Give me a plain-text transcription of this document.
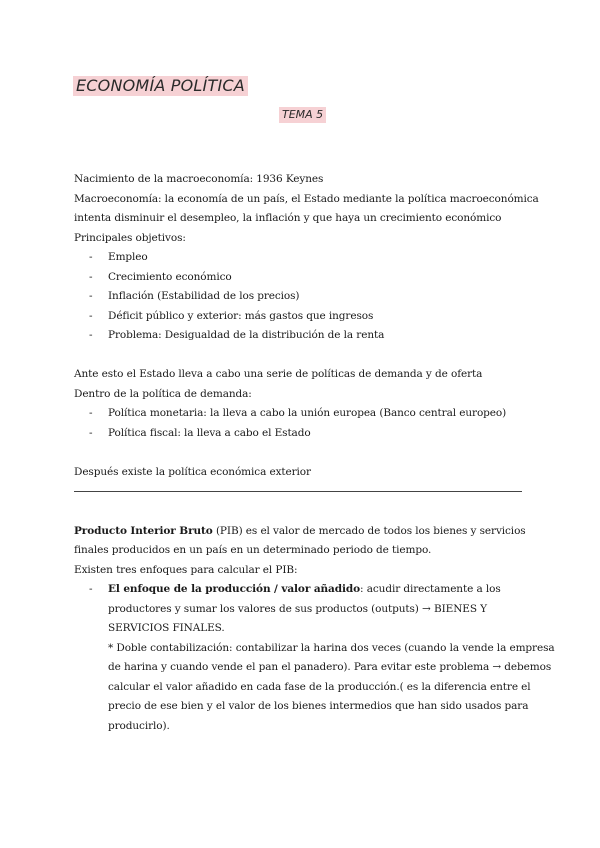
ECONOMÍA POLÍTICA
TEMA 5
Nacimiento de la macroeconomía: 1936 Keynes
Macroeconomía: la economía de un país, el Estado mediante la política macroeconómica
intenta disminuir el desempleo, la inflación y que haya un crecimiento económico
Principales objetivos:
- Empleo
- Crecimiento económico
- Inflación (Estabilidad de los precios)
- Déficit público y exterior: más gastos que ingresos
- Problema: Desigualdad de la distribución de la renta
Ante esto el Estado lleva a cabo una serie de políticas de demanda y de oferta
Dentro de la política de demanda:
- Política monetaria: la lleva a cabo la unión europea (Banco central europeo)
- Política fiscal: la lleva a cabo el Estado
Después existe la política económica exterior
Producto Interior Bruto (PIB) es el valor de mercado de todos los bienes y servicios
finales producidos en un país en un determinado periodo de tiempo.
Existen tres enfoques para calcular el PIB:
- El enfoque de la producción / valor añadido: acudir directamente a los
productores y sumar los valores de sus productos (outputs) → BIENES Y
SERVICIOS FINALES.
* Doble contabilización: contabilizar la harina dos veces (cuando la vende la empresa
de harina y cuando vende el pan el panadero). Para evitar este problema → debemos
calcular el valor añadido en cada fase de la producción.( es la diferencia entre el
precio de ese bien y el valor de los bienes intermedios que han sido usados para
producirlo).
